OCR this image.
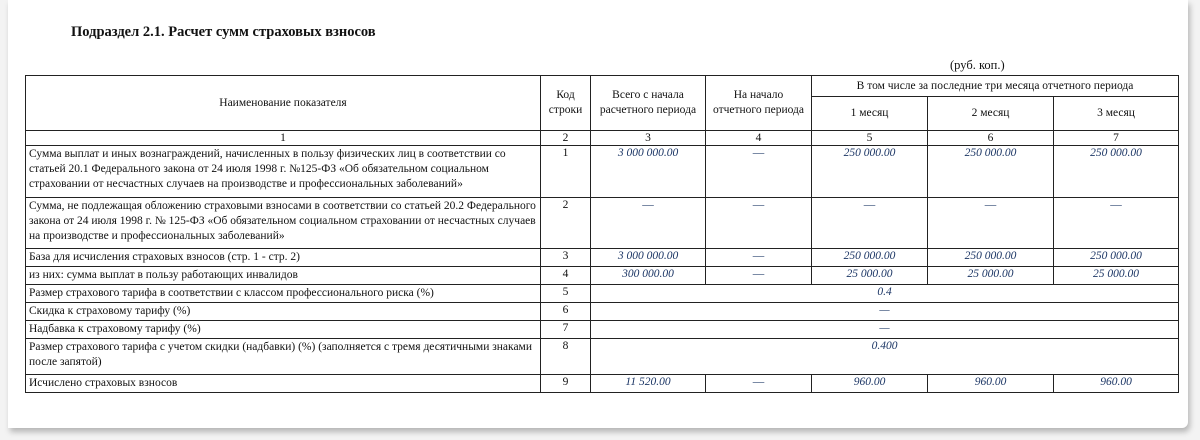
Подраздел 2.1. Расчет сумм страховых взносов
(руб. коп.)
Наименование показателя	Код строки	Всего с начала расчетного периода	На начало отчетного периода	В том числе за последние три месяца отчетного периода		
				1 месяц	2 месяц	3 месяц
1	2	3	4	5	6	7
Сумма выплат и иных вознаграждений, начисленных в пользу физических лиц в соответствии со статьей 20.1 Федерального закона от 24 июля 1998 г. №125-ФЗ «Об обязательном социальном страховании от несчастных случаев на производстве и профессиональных заболеваний»	1	3 000 000.00	—	250 000.00	250 000.00	250 000.00
Сумма, не подлежащая обложению страховыми взносами в соответствии со статьей 20.2 Федерального закона от 24 июля 1998 г. № 125-ФЗ «Об обязательном социальном страховании от несчастных случаев на производстве и профессиональных заболеваний»	2	—	—	—	—	—
База для исчисления страховых взносов (стр. 1 - стр. 2)	3	3 000 000.00	—	250 000.00	250 000.00	250 000.00
из них: сумма выплат в пользу работающих инвалидов	4	300 000.00	—	25 000.00	25 000.00	25 000.00
Размер страхового тарифа в соответствии с классом профессионального риска (%)	5	0.4				
Скидка к страховому тарифу (%)	6	—				
Надбавка к страховому тарифу (%)	7	—				
Размер страхового тарифа с учетом скидки (надбавки) (%) (заполняется с тремя десятичными знаками после запятой)	8	0.400				
Исчислено страховых взносов	9	11 520.00	—	960.00	960.00	960.00
